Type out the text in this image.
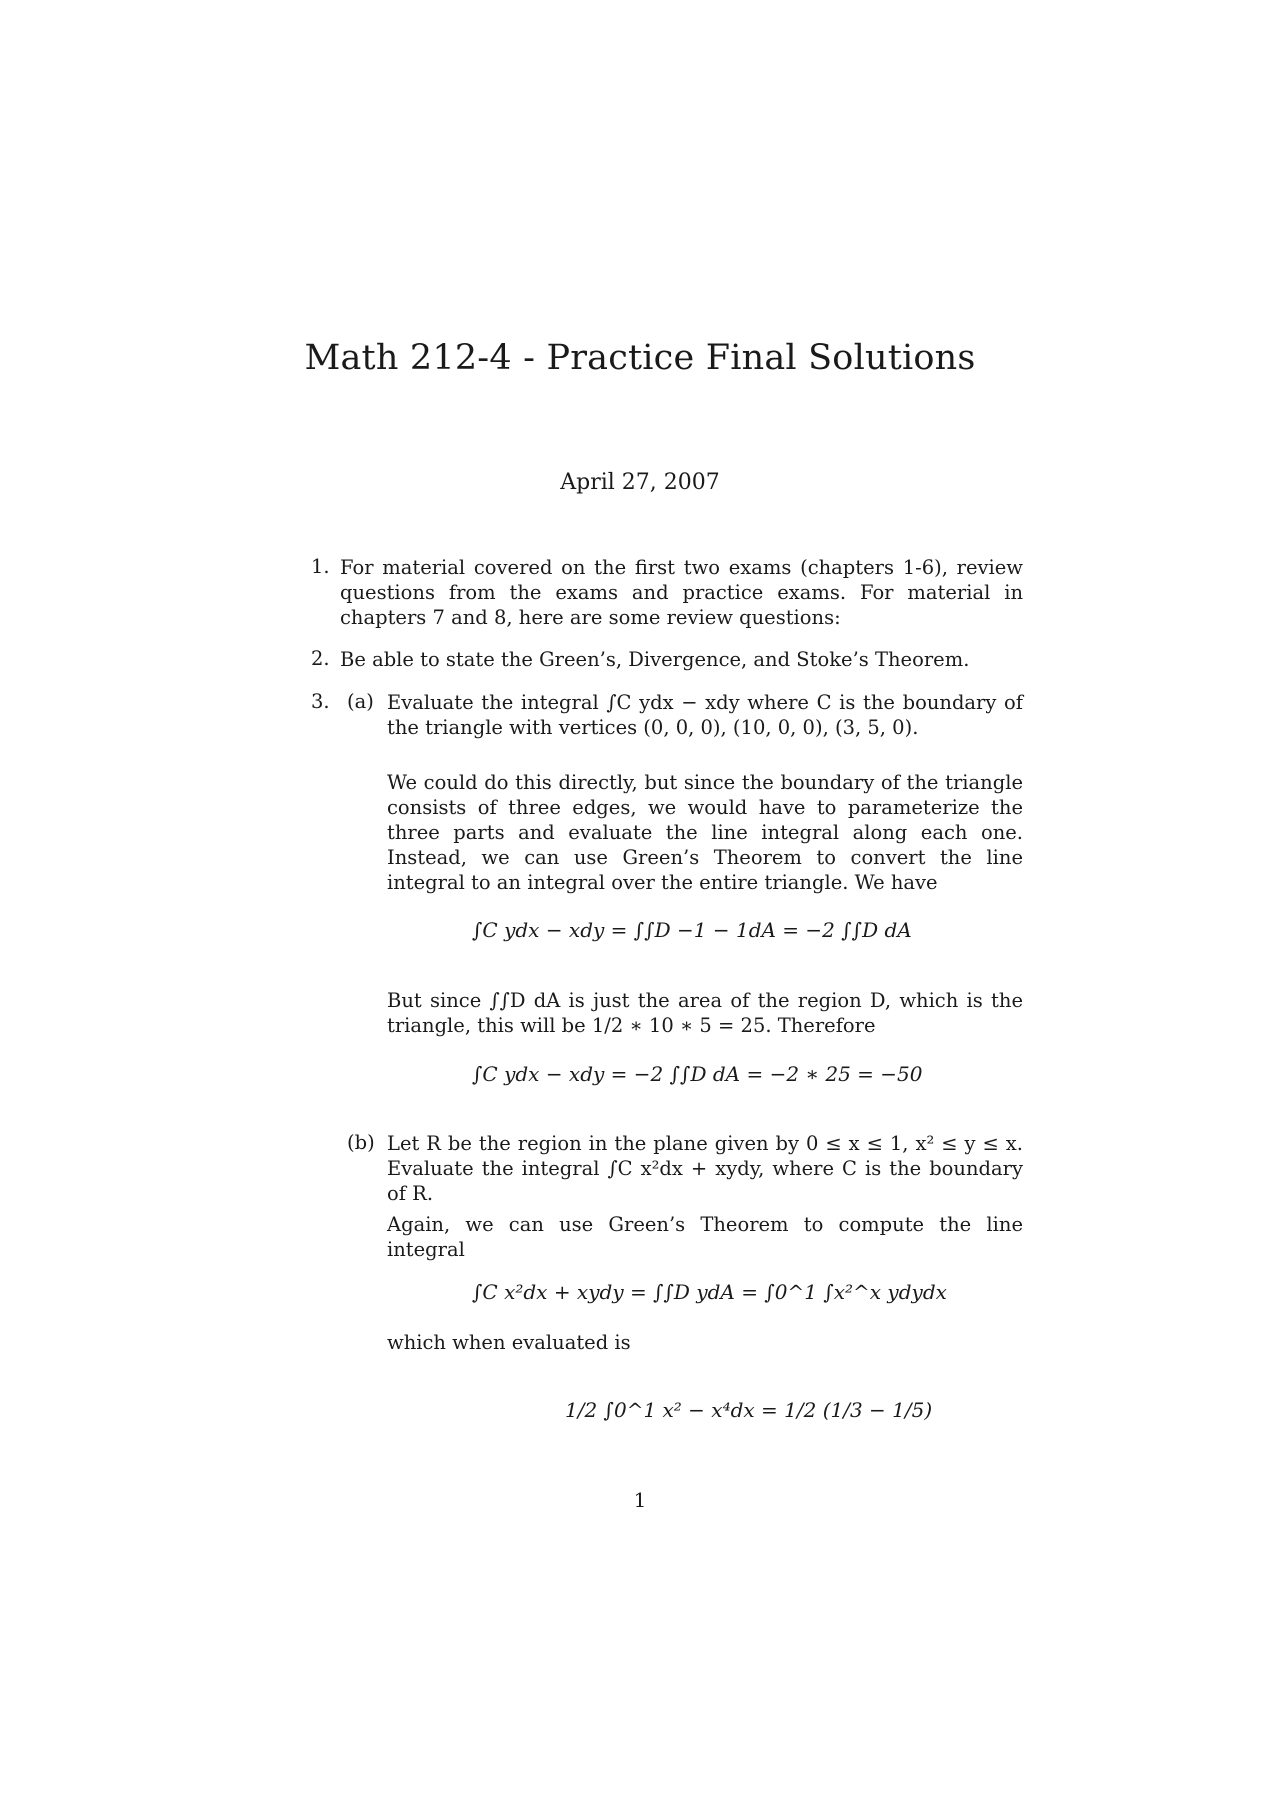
Math 212-4 - Practice Final Solutions
April 27, 2007
1. For material covered on the first two exams (chapters 1-6), review questions from the exams and practice exams. For material in chapters 7 and 8, here are some review questions:
2. Be able to state the Green’s, Divergence, and Stoke’s Theorem.
3. (a) Evaluate the integral ∫C ydx − xdy where C is the boundary of the triangle with vertices (0, 0, 0), (10, 0, 0), (3, 5, 0).
We could do this directly, but since the boundary of the triangle consists of three edges, we would have to parameterize the three parts and evaluate the line integral along each one. Instead, we can use Green’s Theorem to convert the line integral to an integral over the entire triangle. We have
∫C ydx − xdy = ∫∫D −1 − 1dA = −2 ∫∫D dA
But since ∫∫D dA is just the area of the region D, which is the triangle, this will be 1/2 ∗ 10 ∗ 5 = 25. Therefore
∫C ydx − xdy = −2 ∫∫D dA = −2 ∗ 25 = −50
(b) Let R be the region in the plane given by 0 ≤ x ≤ 1, x² ≤ y ≤ x. Evaluate the integral ∫C x²dx + xydy, where C is the boundary of R.
Again, we can use Green’s Theorem to compute the line integral
∫C x²dx + xydy = ∫∫D ydA = ∫0^1 ∫x²^x ydydx
which when evaluated is
1/2 ∫0^1 x² − x⁴dx = 1/2 (1/3 − 1/5)
1
